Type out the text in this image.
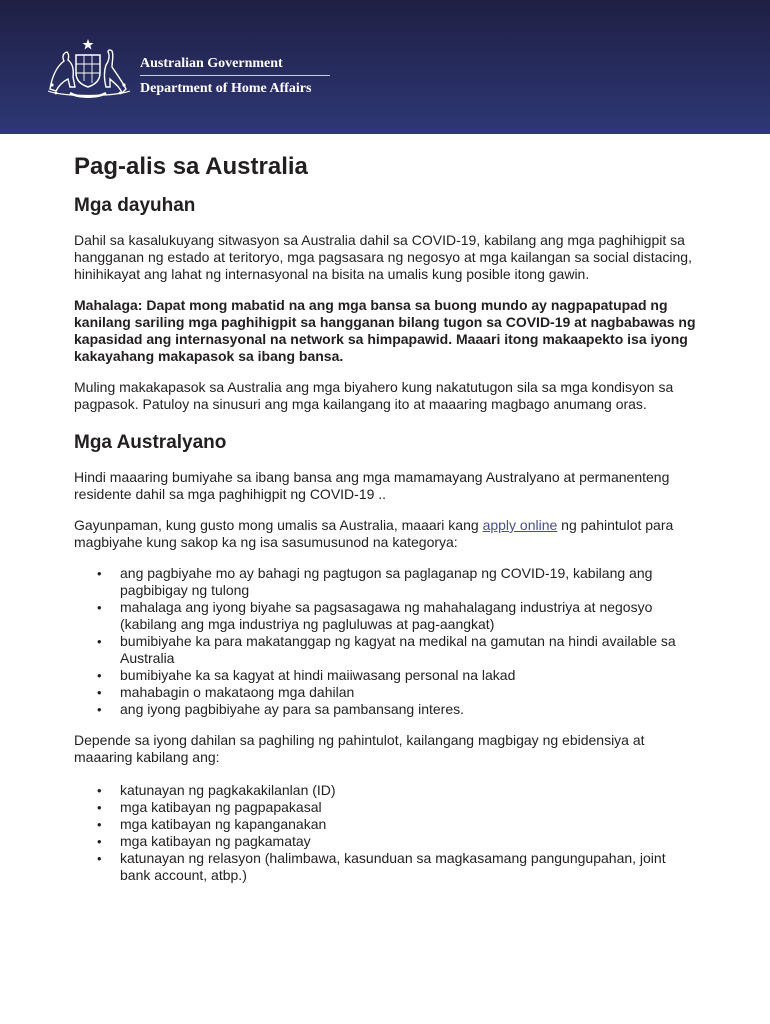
Australian Government
Department of Home Affairs
Pag-alis sa Australia
Mga dayuhan

Dahil sa kasalukuyang sitwasyon sa Australia dahil sa COVID-19, kabilang ang mga paghihigpit sa hangganan ng estado at teritoryo, mga pagsasara ng negosyo at mga kailangan sa social distacing, hinihikayat ang lahat ng internasyonal na bisita na umalis kung posible itong gawin.

Mahalaga: Dapat mong mabatid na ang mga bansa sa buong mundo ay nagpapatupad ng kanilang sariling mga paghihigpit sa hangganan bilang tugon sa COVID-19 at nagbabawas ng kapasidad ang internasyonal na network sa himpapawid. Maaari itong makaapekto isa iyong kakayahang makapasok sa ibang bansa.

Muling makakapasok sa Australia ang mga biyahero kung nakatutugon sila sa mga kondisyon sa pagpasok. Patuloy na sinusuri ang mga kailangang ito at maaaring magbago anumang oras.

Mga Australyano

Hindi maaaring bumiyahe sa ibang bansa ang mga mamamayang Australyano at permanenteng residente dahil sa mga paghihigpit ng COVID-19 ..

Gayunpaman, kung gusto mong umalis sa Australia, maaari kang apply online ng pahintulot para magbiyahe kung sakop ka ng isa sasumusunod na kategorya:

• ang pagbiyahe mo ay bahagi ng pagtugon sa paglaganap ng COVID-19, kabilang ang pagbibigay ng tulong
• mahalaga ang iyong biyahe sa pagsasagawa ng mahahalagang industriya at negosyo (kabilang ang mga industriya ng pagluluwas at pag-aangkat)
• bumibiyahe ka para makatanggap ng kagyat na medikal na gamutan na hindi available sa Australia
• bumibiyahe ka sa kagyat at hindi maiiwasang personal na lakad
• mahabagin o makataong mga dahilan
• ang iyong pagbibiyahe ay para sa pambansang interes.

Depende sa iyong dahilan sa paghiling ng pahintulot, kailangang magbigay ng ebidensiya at maaaring kabilang ang:

• katunayan ng pagkakakilanlan (ID)
• mga katibayan ng pagpapakasal
• mga katibayan ng kapanganakan
• mga katibayan ng pagkamatay
• katunayan ng relasyon (halimbawa, kasunduan sa magkasamang pangungupahan, joint bank account, atbp.)
